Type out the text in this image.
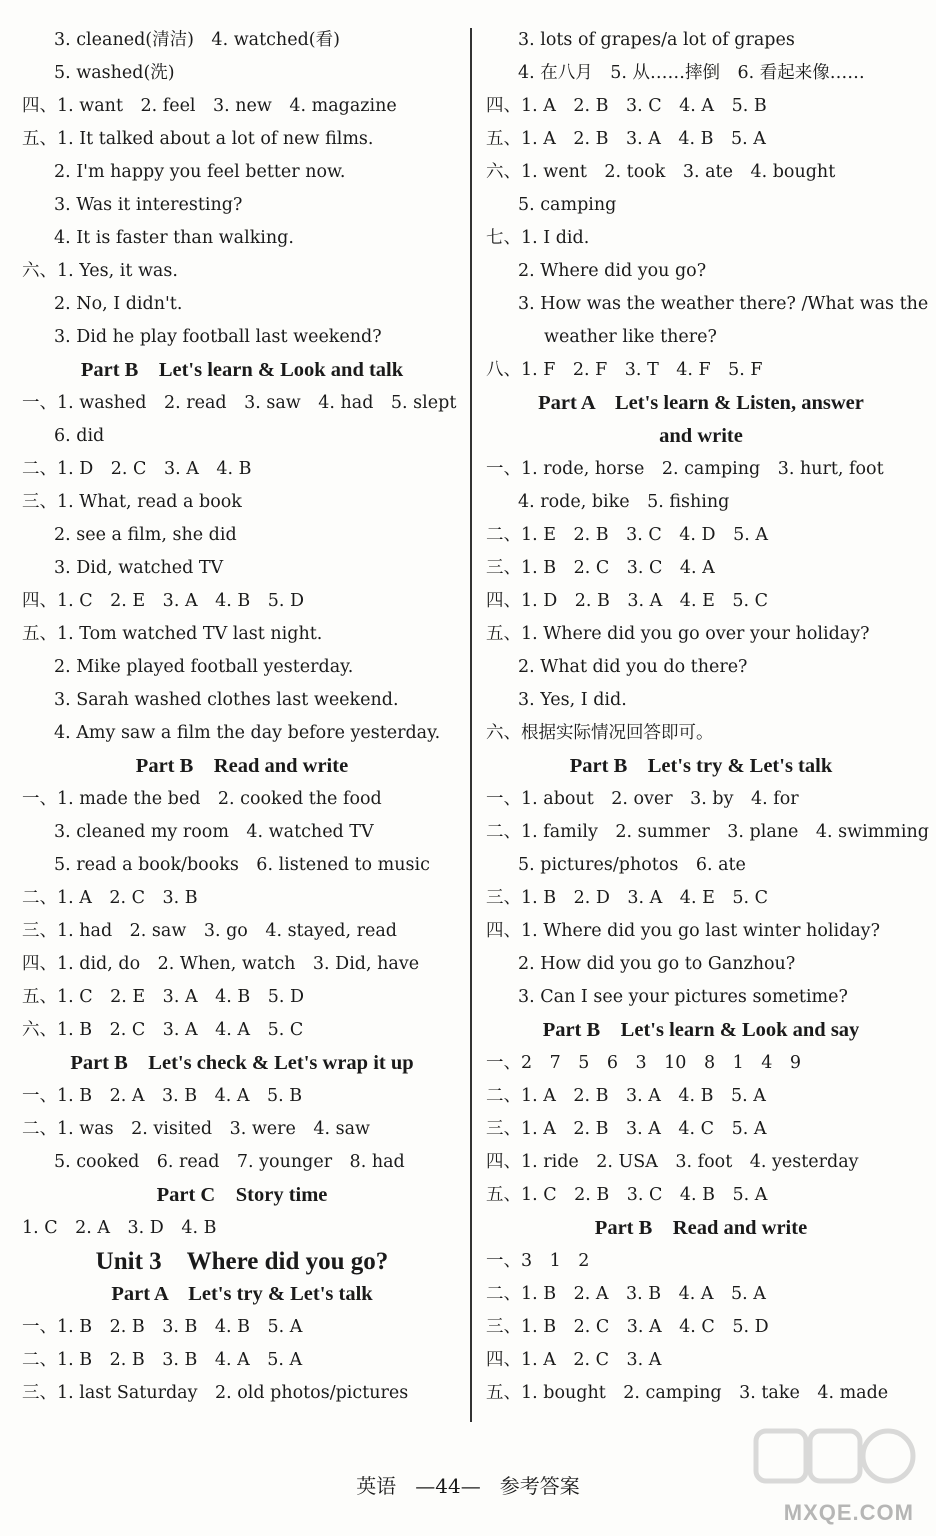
3. cleaned(清洁)　4. watched(看)
5. washed(洗)
四、1. want　2. feel　3. new　4. magazine
五、1. It talked about a lot of new films.
2. I'm happy you feel better now.
3. Was it interesting?
4. It is faster than walking.
六、1. Yes, it was.
2. No, I didn't.
3. Did he play football last weekend?
Part B　Let's learn & Look and talk
一、1. washed　2. read　3. saw　4. had　5. slept
6. did
二、1. D　2. C　3. A　4. B
三、1. What, read a book
2. see a film, she did
3. Did, watched TV
四、1. C　2. E　3. A　4. B　5. D
五、1. Tom watched TV last night.
2. Mike played football yesterday.
3. Sarah washed clothes last weekend.
4. Amy saw a film the day before yesterday.
Part B　Read and write
一、1. made the bed　2. cooked the food
3. cleaned my room　4. watched TV
5. read a book/books　6. listened to music
二、1. A　2. C　3. B
三、1. had　2. saw　3. go　4. stayed, read
四、1. did, do　2. When, watch　3. Did, have
五、1. C　2. E　3. A　4. B　5. D
六、1. B　2. C　3. A　4. A　5. C
Part B　Let's check & Let's wrap it up
一、1. B　2. A　3. B　4. A　5. B
二、1. was　2. visited　3. were　4. saw
5. cooked　6. read　7. younger　8. had
Part C　Story time
1. C　2. A　3. D　4. B
Unit 3　Where did you go?
Part A　Let's try & Let's talk
一、1. B　2. B　3. B　4. B　5. A
二、1. B　2. B　3. B　4. A　5. A
三、1. last Saturday　2. old photos/pictures
3. lots of grapes/a lot of grapes
4. 在八月　5. 从……摔倒　6. 看起来像……
四、1. A　2. B　3. C　4. A　5. B
五、1. A　2. B　3. A　4. B　5. A
六、1. went　2. took　3. ate　4. bought
5. camping
七、1. I did.
2. Where did you go?
3. How was the weather there? /What was the
weather like there?
八、1. F　2. F　3. T　4. F　5. F
Part A　Let's learn & Listen, answer
and write
一、1. rode, horse　2. camping　3. hurt, foot
4. rode, bike　5. fishing
二、1. E　2. B　3. C　4. D　5. A
三、1. B　2. C　3. C　4. A
四、1. D　2. B　3. A　4. E　5. C
五、1. Where did you go over your holiday?
2. What did you do there?
3. Yes, I did.
六、根据实际情况回答即可。
Part B　Let's try & Let's talk
一、1. about　2. over　3. by　4. for
二、1. family　2. summer　3. plane　4. swimming
5. pictures/photos　6. ate
三、1. B　2. D　3. A　4. E　5. C
四、1. Where did you go last winter holiday?
2. How did you go to Ganzhou?
3. Can I see your pictures sometime?
Part B　Let's learn & Look and say
一、2　7　5　6　3　10　8　1　4　9
二、1. A　2. B　3. A　4. B　5. A
三、1. A　2. B　3. A　4. C　5. A
四、1. ride　2. USA　3. foot　4. yesterday
五、1. C　2. B　3. C　4. B　5. A
Part B　Read and write
一、3　1　2
二、1. B　2. A　3. B　4. A　5. A
三、1. B　2. C　3. A　4. C　5. D
四、1. A　2. C　3. A
五、1. bought　2. camping　3. take　4. made
英语 —44— 参考答案
MXQE.COM
